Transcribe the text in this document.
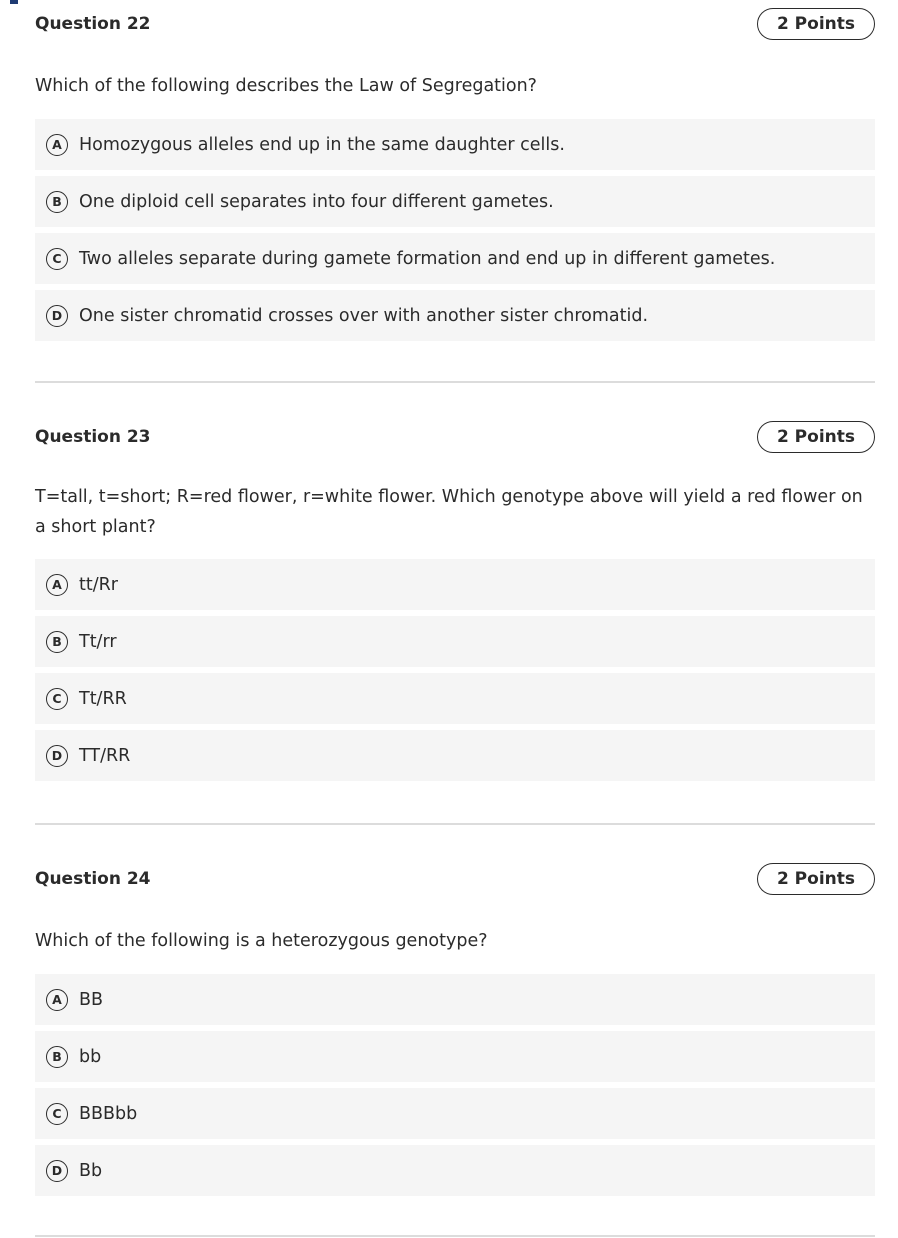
Question 22	2 Points
Which of the following describes the Law of Segregation?
A Homozygous alleles end up in the same daughter cells.
B One diploid cell separates into four different gametes.
C Two alleles separate during gamete formation and end up in different gametes.
D One sister chromatid crosses over with another sister chromatid.
Question 23	2 Points
T=tall, t=short; R=red flower, r=white flower. Which genotype above will yield a red flower on a short plant?
A tt/Rr
B Tt/rr
C Tt/RR
D TT/RR
Question 24	2 Points
Which of the following is a heterozygous genotype?
A BB
B bb
C BBBbb
D Bb
